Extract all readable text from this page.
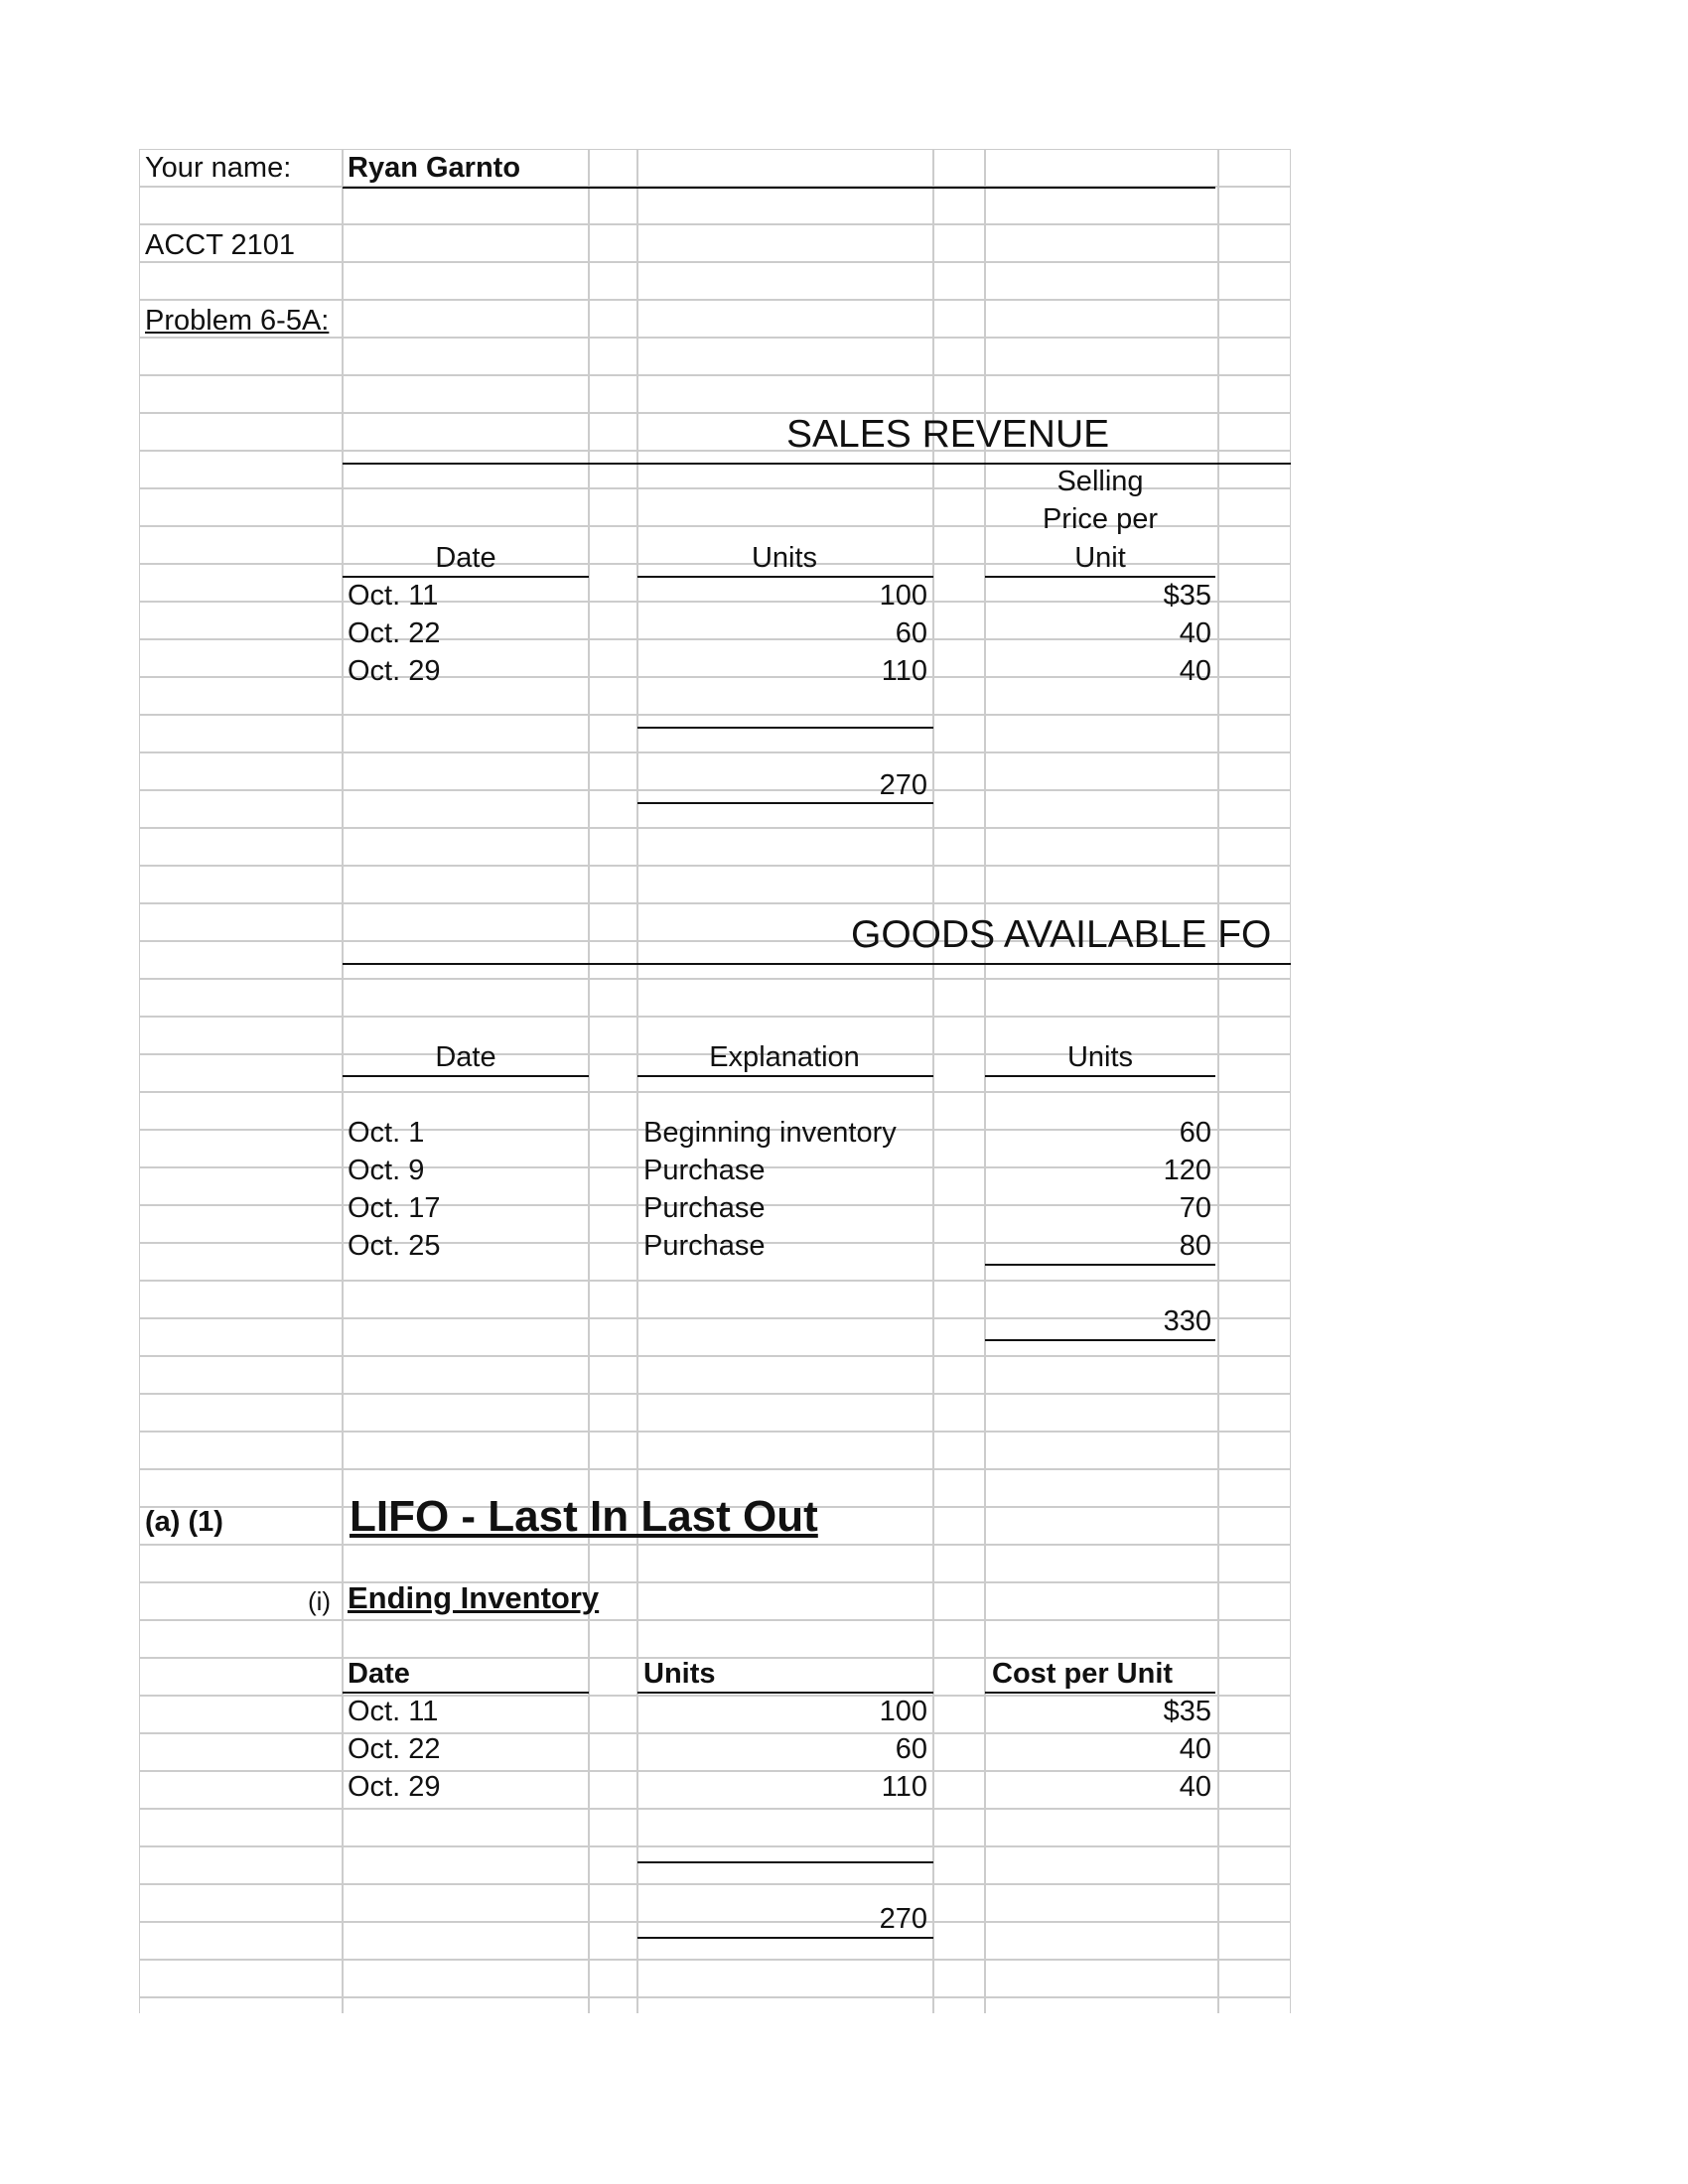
Your name: Ryan Garnto
ACCT 2101
Problem 6-5A:
SALES REVENUE
Selling
Price per
Date	Units	Unit
Oct. 11	100	$35
Oct. 22	60	40
Oct. 29	110	40
270
GOODS AVAILABLE FO
Date	Explanation	Units
Oct. 1	Beginning inventory	60
Oct. 9	Purchase	120
Oct. 17	Purchase	70
Oct. 25	Purchase	80
330
(a) (1)	LIFO - Last In Last Out
(i) Ending Inventory
Date	Units	Cost per Unit
Oct. 11	100	$35
Oct. 22	60	40
Oct. 29	110	40
270
